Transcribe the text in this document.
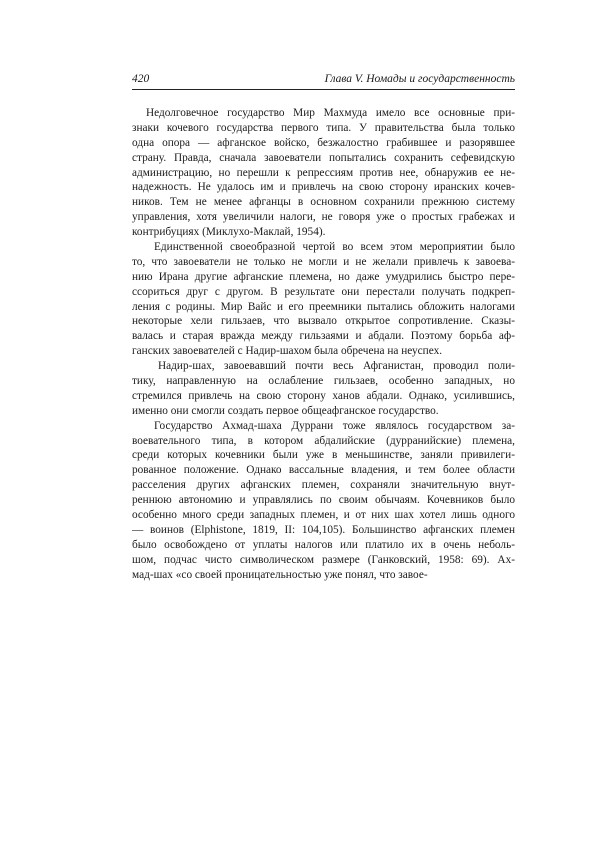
420	Глава V. Номады и государственность
Недолговечное государство Мир Махмуда имело все основные при-
знаки кочевого государства первого типа. У правительства была только
одна опора — афганское войско, безжалостно грабившее и разорявшее
страну. Правда, сначала завоеватели попытались сохранить сефевидскую
администрацию, но перешли к репрессиям против нее, обнаружив ее не-
надежность. Не удалось им и привлечь на свою сторону иранских кочев-
ников. Тем не менее афганцы в основном сохранили прежнюю систему
управления, хотя увеличили налоги, не говоря уже о простых грабежах и
контрибуциях (Миклухо-Маклай, 1954).
Единственной своеобразной чертой во всем этом мероприятии было
то, что завоеватели не только не могли и не желали привлечь к завоева-
нию Ирана другие афганские племена, но даже умудрились быстро пере-
ссориться друг с другом. В результате они перестали получать подкреп-
ления с родины. Мир Вайс и его преемники пытались обложить налогами
некоторые хели гильзаев, что вызвало открытое сопротивление. Сказы-
валась и старая вражда между гильзаями и абдали. Поэтому борьба аф-
ганских завоевателей с Надир-шахом была обречена на неуспех.
Надир-шах, завоевавший почти весь Афганистан, проводил поли-
тику, направленную на ослабление гильзаев, особенно западных, но
стремился привлечь на свою сторону ханов абдали. Однако, усилившись,
именно они смогли создать первое общеафганское государство.
Государство Ахмад-шаха Дуррани тоже являлось государством за-
воевательного типа, в котором абдалийские (дурранийские) племена,
среди которых кочевники были уже в меньшинстве, заняли привилеги-
рованное положение. Однако вассальные владения, и тем более области
расселения других афганских племен, сохраняли значительную внут-
реннюю автономию и управлялись по своим обычаям. Кочевников было
особенно много среди западных племен, и от них шах хотел лишь одного
— воинов (Elphistone, 1819, II: 104,105). Большинство афганских племен
было освобождено от уплаты налогов или платило их в очень неболь-
шом, подчас чисто символическом размере (Ганковский, 1958: 69). Ах-
мад-шах «со своей проницательностью уже понял, что завое-
